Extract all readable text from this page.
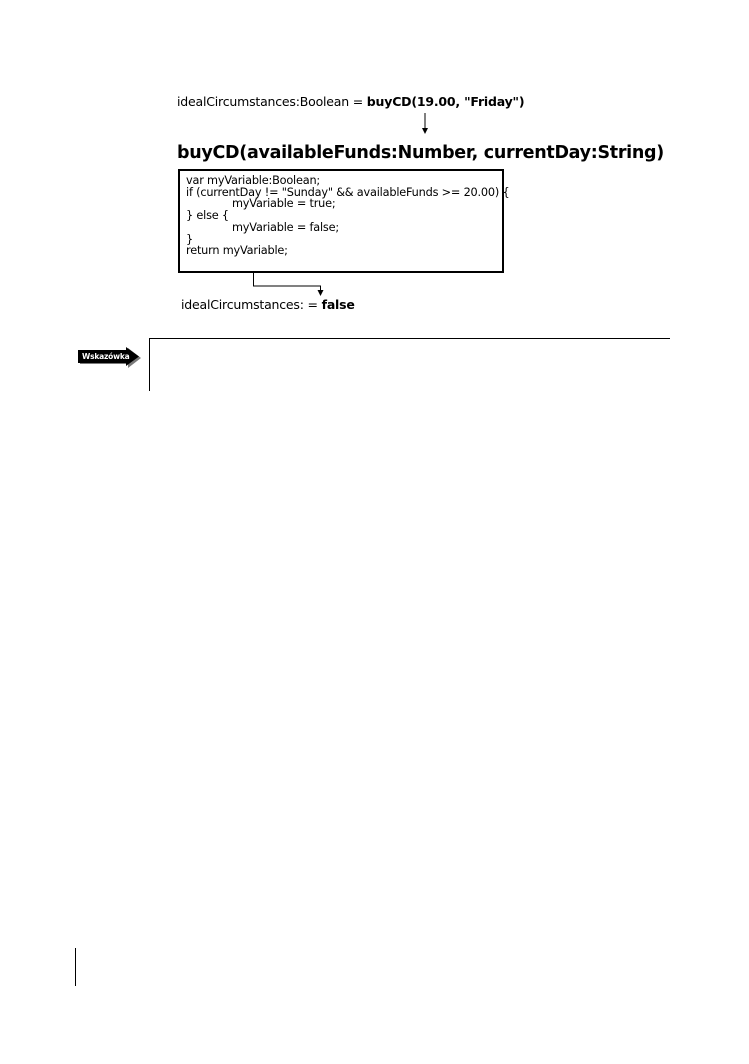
idealCircumstances:Boolean = buyCD(19.00, "Friday")
buyCD(availableFunds:Number, currentDay:String)
var myVariable:Boolean;
if (currentDay != "Sunday" && availableFunds >= 20.00) {
myVariable = true;
} else {
myVariable = false;
}
return myVariable;
idealCircumstances: = false
Wskazówka
